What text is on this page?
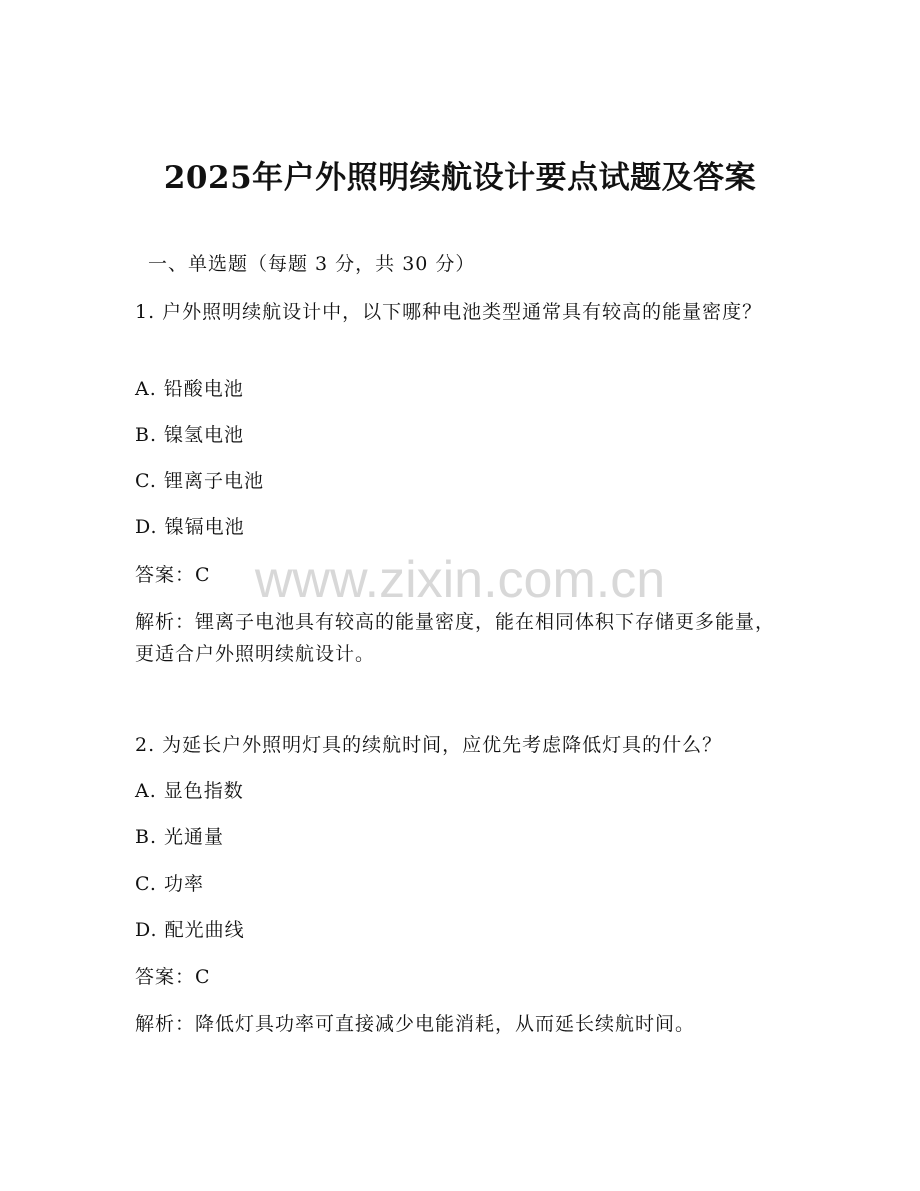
2025年户外照明续航设计要点试题及答案

一、单选题（每题 3 分，共 30 分）

1. 户外照明续航设计中，以下哪种电池类型通常具有较高的能量密度？

A. 铅酸电池

B. 镍氢电池

C. 锂离子电池

D. 镍镉电池

答案：C

解析：锂离子电池具有较高的能量密度，能在相同体积下存储更多能量，更适合户外照明续航设计。

2. 为延长户外照明灯具的续航时间，应优先考虑降低灯具的什么？

A. 显色指数

B. 光通量

C. 功率

D. 配光曲线

答案：C

解析：降低灯具功率可直接减少电能消耗，从而延长续航时间。

www.zixin.com.cn
